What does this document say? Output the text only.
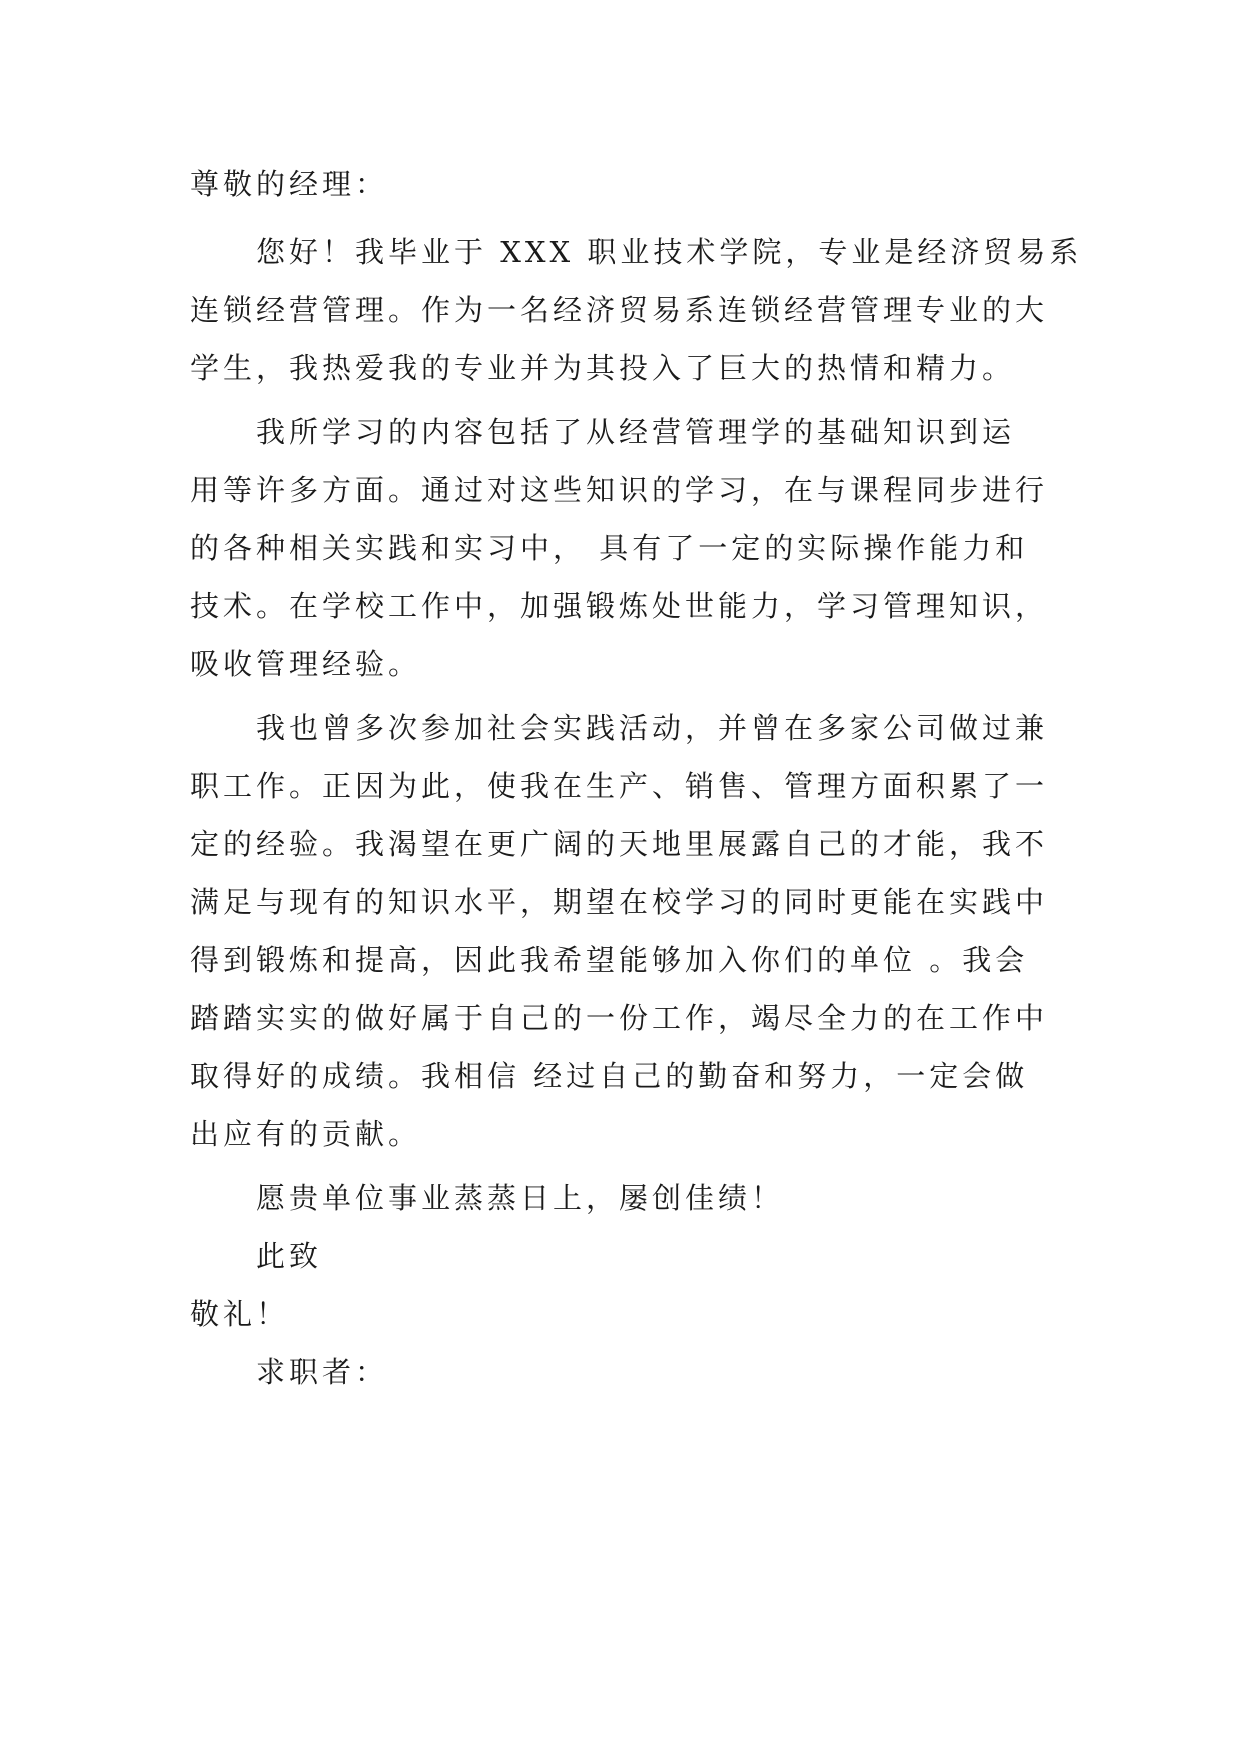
尊敬的经理：
您好！我毕业于 XXX 职业技术学院，专业是经济贸易系
连锁经营管理。作为一名经济贸易系连锁经营管理专业的大
学生，我热爱我的专业并为其投入了巨大的热情和精力。
我所学习的内容包括了从经营管理学的基础知识到运
用等许多方面。通过对这些知识的学习，在与课程同步进行
的各种相关实践和实习中， 具有了一定的实际操作能力和
技术。在学校工作中，加强锻炼处世能力，学习管理知识，
吸收管理经验。
我也曾多次参加社会实践活动，并曾在多家公司做过兼
职工作。正因为此，使我在生产、销售、管理方面积累了一
定的经验。我渴望在更广阔的天地里展露自己的才能，我不
满足与现有的知识水平，期望在校学习的同时更能在实践中
得到锻炼和提高，因此我希望能够加入你们的单位 。我会
踏踏实实的做好属于自己的一份工作，竭尽全力的在工作中
取得好的成绩。我相信 经过自己的勤奋和努力，一定会做
出应有的贡献。
愿贵单位事业蒸蒸日上，屡创佳绩！
此致
敬礼！
求职者：
